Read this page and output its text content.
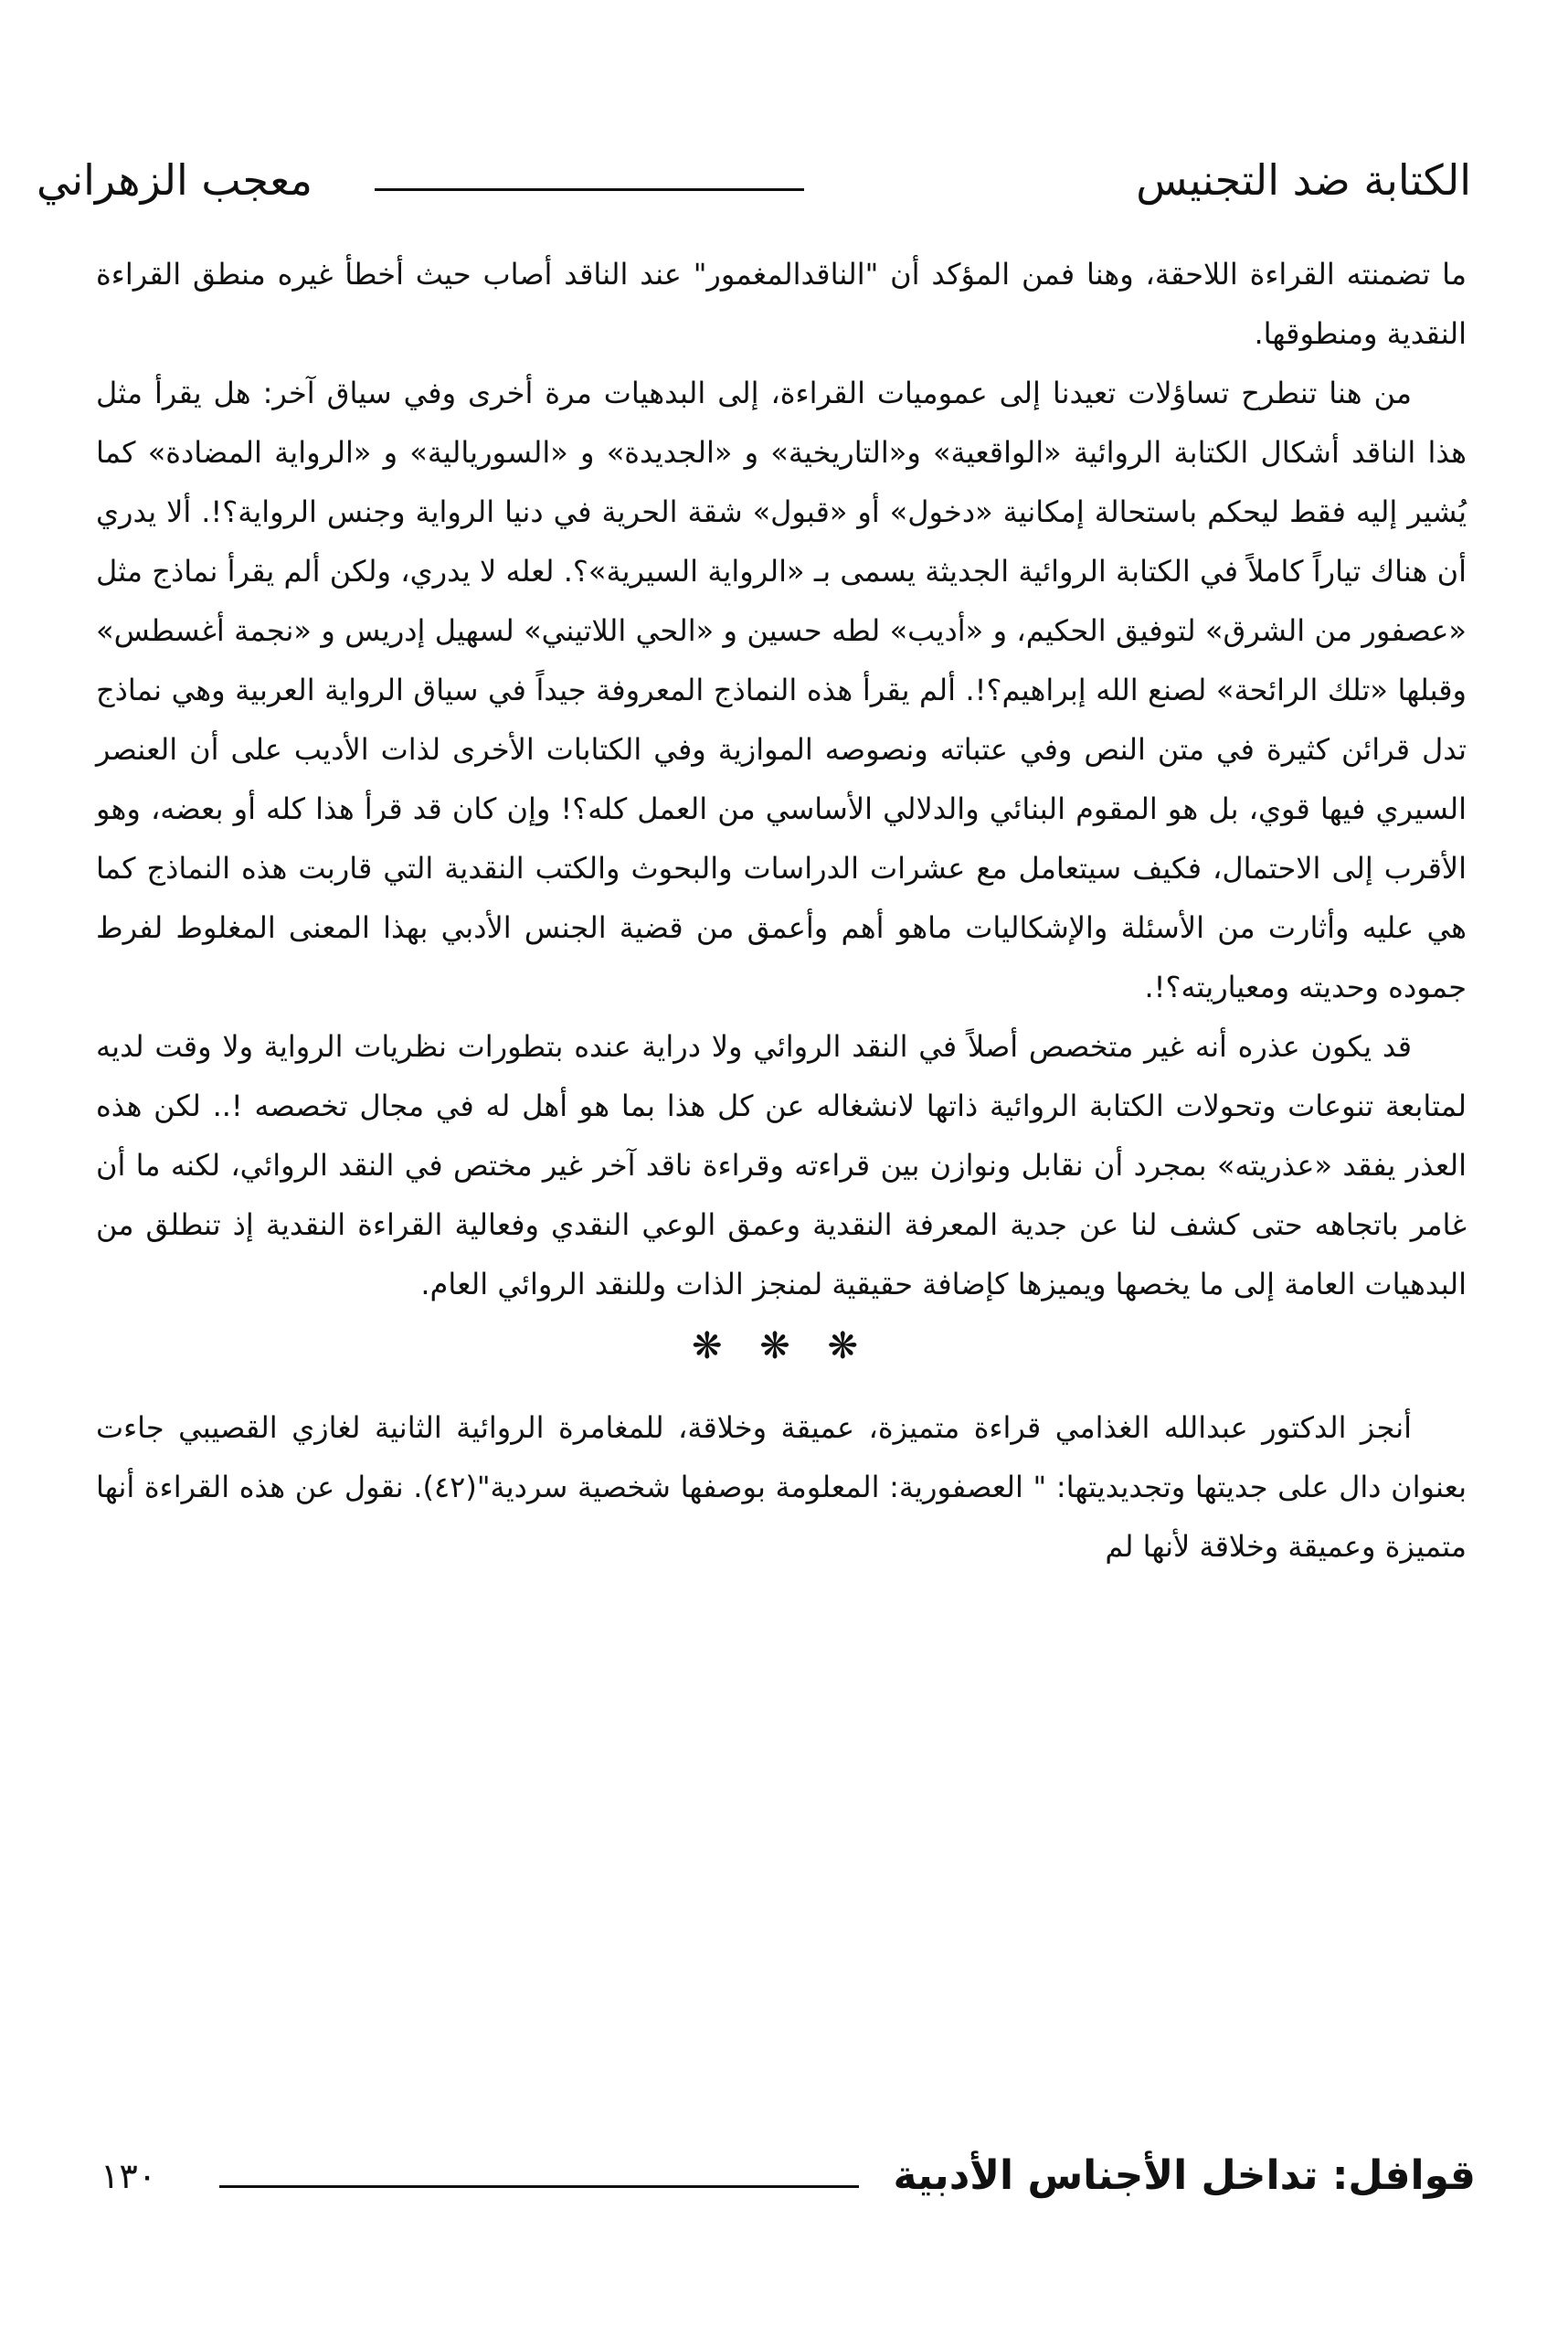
الكتابة ضد التجنيس
معجب الزهراني

ما تضمنته القراءة اللاحقة، وهنا فمن المؤكد أن "الناقدالمغمور" عند الناقد أصاب حيث أخطأ غيره منطق القراءة النقدية ومنطوقها.

من هنا تنطرح تساؤلات تعيدنا إلى عموميات القراءة، إلى البدهيات مرة أخرى وفي سياق آخر: هل يقرأ مثل هذا الناقد أشكال الكتابة الروائية «الواقعية» و«التاريخية» و «الجديدة» و «السوريالية» و «الرواية المضادة» كما يُشير إليه فقط ليحكم باستحالة إمكانية «دخول» أو «قبول» شقة الحرية في دنيا الرواية وجنس الرواية؟!. ألا يدري أن هناك تياراً كاملاً في الكتابة الروائية الجديثة يسمى بـ «الرواية السيرية»؟. لعله لا يدري، ولكن ألم يقرأ نماذج مثل «عصفور من الشرق» لتوفيق الحكيم، و «أديب» لطه حسين و «الحي اللاتيني» لسهيل إدريس و «نجمة أغسطس» وقبلها «تلك الرائحة» لصنع الله إبراهيم؟!. ألم يقرأ هذه النماذج المعروفة جيداً في سياق الرواية العربية وهي نماذج تدل قرائن كثيرة في متن النص وفي عتباته ونصوصه الموازية وفي الكتابات الأخرى لذات الأديب على أن العنصر السيري فيها قوي، بل هو المقوم البنائي والدلالي الأساسي من العمل كله؟! وإن كان قد قرأ هذا كله أو بعضه، وهو الأقرب إلى الاحتمال، فكيف سيتعامل مع عشرات الدراسات والبحوث والكتب النقدية التي قاربت هذه النماذج كما هي عليه وأثارت من الأسئلة والإشكاليات ماهو أهم وأعمق من قضية الجنس الأدبي بهذا المعنى المغلوط لفرط جموده وحديته ومعياريته؟!.

قد يكون عذره أنه غير متخصص أصلاً في النقد الروائي ولا دراية عنده بتطورات نظريات الرواية ولا وقت لديه لمتابعة تنوعات وتحولات الكتابة الروائية ذاتها لانشغاله عن كل هذا بما هو أهل له في مجال تخصصه !.. لكن هذه العذر يفقد «عذريته» بمجرد أن نقابل ونوازن بين قراءته وقراءة ناقد آخر غير مختص في النقد الروائي، لكنه ما أن غامر باتجاهه حتى كشف لنا عن جدية المعرفة النقدية وعمق الوعي النقدي وفعالية القراءة النقدية إذ تنطلق من البدهيات العامة إلى ما يخصها ويميزها كإضافة حقيقية لمنجز الذات وللنقد الروائي العام.

❋ ❋ ❋

أنجز الدكتور عبدالله الغذامي قراءة متميزة، عميقة وخلاقة، للمغامرة الروائية الثانية لغازي القصيبي جاءت بعنوان دال على جديتها وتجديديتها: " العصفورية: المعلومة بوصفها شخصية سردية"(٤٢). نقول عن هذه القراءة أنها متميزة وعميقة وخلاقة لأنها لم

قوافل: تداخل الأجناس الأدبية
١٣٠
